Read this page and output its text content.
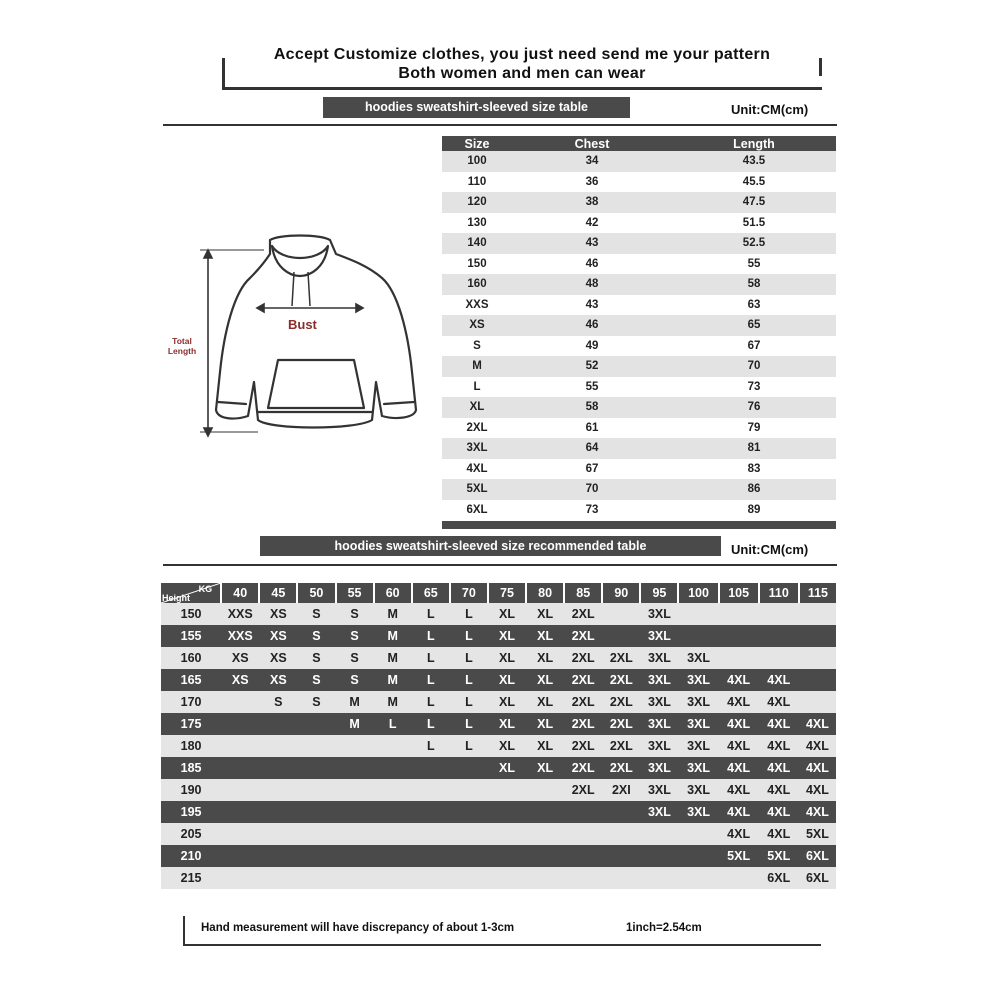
Accept Customize clothes, you just need send me your pattern
Both women and men can wear
hoodies sweatshirt-sleeved size table	Unit:CM(cm)
Bust
Total
Length
Size	Chest	Length
100	34	43.5
110	36	45.5
120	38	47.5
130	42	51.5
140	43	52.5
150	46	55
160	48	58
XXS	43	63
XS	46	65
S	49	67
M	52	70
L	55	73
XL	58	76
2XL	61	79
3XL	64	81
4XL	67	83
5XL	70	86
6XL	73	89
hoodies sweatshirt-sleeved size recommended table	Unit:CM(cm)
KG
Height	40	45	50	55	60	65	70	75	80	85	90	95	100	105	110	115
150	XXS	XS	S	S	M	L	L	XL	XL	2XL		3XL				
155	XXS	XS	S	S	M	L	L	XL	XL	2XL		3XL				
160	XS	XS	S	S	M	L	L	XL	XL	2XL	2XL	3XL	3XL			
165	XS	XS	S	S	M	L	L	XL	XL	2XL	2XL	3XL	3XL	4XL	4XL	
170		S	S	M	M	L	L	XL	XL	2XL	2XL	3XL	3XL	4XL	4XL	
175				M	L	L	L	XL	XL	2XL	2XL	3XL	3XL	4XL	4XL	4XL
180						L	L	XL	XL	2XL	2XL	3XL	3XL	4XL	4XL	4XL
185								XL	XL	2XL	2XL	3XL	3XL	4XL	4XL	4XL
190										2XL	2XI	3XL	3XL	4XL	4XL	4XL
195												3XL	3XL	4XL	4XL	4XL
205														4XL	4XL	5XL
210														5XL	5XL	6XL
215															6XL	6XL
Hand measurement will have discrepancy of about 1-3cm	1inch=2.54cm
